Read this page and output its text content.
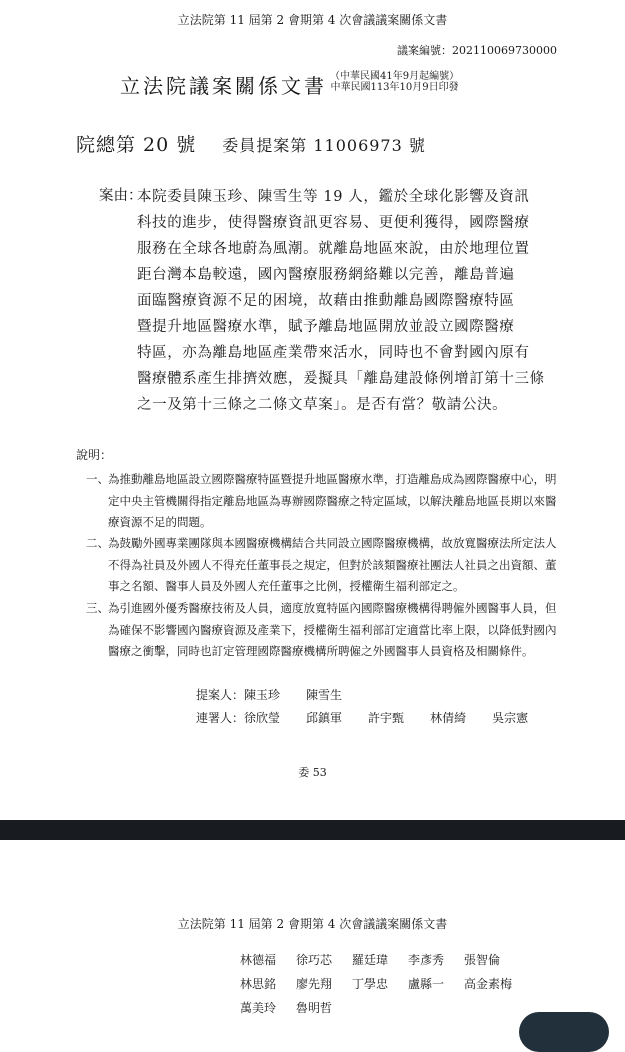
立法院第 11 屆第 2 會期第 4 次會議議案關係文書
議案編號：202110069730000
立法院議案關係文書 （中華民國41年9月起編號）
中華民國113年10月9日印發
院總第 20 號 委員提案第 11006973 號
案由：
本院委員陳玉珍、陳雪生等 19 人，鑑於全球化影響及資訊
科技的進步，使得醫療資訊更容易、更便利獲得，國際醫療
服務在全球各地蔚為風潮。就離島地區來說，由於地理位置
距台灣本島較遠，國內醫療服務網絡難以完善，離島普遍
面臨醫療資源不足的困境，故藉由推動離島國際醫療特區
暨提升地區醫療水準，賦予離島地區開放並設立國際醫療
特區，亦為離島地區產業帶來活水，同時也不會對國內原有
醫療體系產生排擠效應，爰擬具「離島建設條例增訂第十三條
之一及第十三條之二條文草案」。是否有當？敬請公決。
說明：
一、為推動離島地區設立國際醫療特區暨提升地區醫療水準，打造離島成為國際醫療中心，明
定中央主管機關得指定離島地區為專辦國際醫療之特定區域，以解決離島地區長期以來醫
療資源不足的問題。
二、為鼓勵外國專業團隊與本國醫療機構結合共同設立國際醫療機構，故放寬醫療法所定法人
不得為社員及外國人不得充任董事長之規定，但對於該類醫療社團法人社員之出資額、董
事之名額、醫事人員及外國人充任董事之比例，授權衛生福利部定之。
三、為引進國外優秀醫療技術及人員，適度放寬特區內國際醫療機構得聘僱外國醫事人員，但
為確保不影響國內醫療資源及產業下，授權衛生福利部訂定適當比率上限，以降低對國內
醫療之衝擊，同時也訂定管理國際醫療機構所聘僱之外國醫事人員資格及相關條件。
提案人：陳玉珍 陳雪生
連署人：徐欣瑩 邱鎮軍 許宇甄 林倩綺 吳宗憲
委 53
立法院第 11 屆第 2 會期第 4 次會議議案關係文書
林德福 徐巧芯 羅廷瑋 李彥秀 張智倫
林思銘 廖先翔 丁學忠 盧縣一 高金素梅
萬美玲 魯明哲
